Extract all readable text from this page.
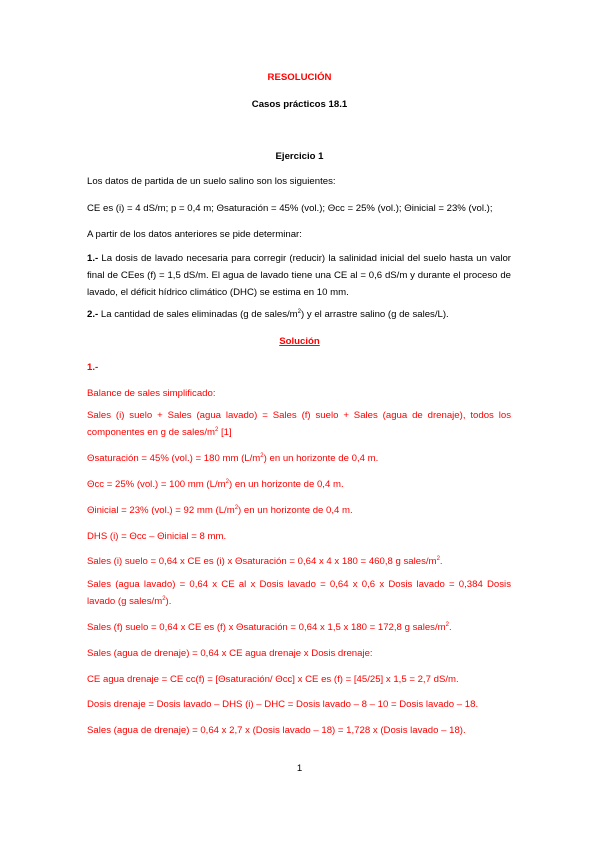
RESOLUCIÓN
Casos prácticos 18.1
Ejercicio 1
Los datos de partida de un suelo salino son los siguientes:
CE es (i) = 4 dS/m; p = 0,4 m; Θsaturación = 45% (vol.); Θcc = 25% (vol.); Θinicial = 23% (vol.);
A partir de los datos anteriores se pide determinar:
1.- La dosis de lavado necesaria para corregir (reducir) la salinidad inicial del suelo hasta un valor final de CEes (f) = 1,5 dS/m. El agua de lavado tiene una CE al = 0,6 dS/m y durante el proceso de lavado, el déficit hídrico climático (DHC) se estima en 10 mm.
2.- La cantidad de sales eliminadas (g de sales/$m^2$) y el arrastre salino (g de sales/L).
Solución
1.-
Balance de sales simplificado:
Sales (i) suelo + Sales (agua lavado) = Sales (f) suelo + Sales (agua de drenaje), todos los componentes en g de sales/$m^2$ [1]
Θsaturación = 45% (vol.) = 180 mm $(L/m^2)$ en un horizonte de 0,4 m.
Θcc = 25% (vol.) = 100 mm $(L/m^2)$ en un horizonte de 0,4 m.
Θinicial = 23% (vol.) = 92 mm $(L/m^2)$ en un horizonte de 0,4 m.
DHS (i) = Θcc – Θinicial = 8 mm.
Sales (i) suelo = 0,64 x CE es (i) x Θsaturación = 0,64 x 4 x 180 = 460,8 g sales/$m^2$.
Sales (agua lavado) = 0,64 x CE al x Dosis lavado = 0,64 x 0,6 x Dosis lavado = 0,384 Dosis lavado (g sales/$m^2$).
Sales (f) suelo = 0,64 x CE es (f) x Θsaturación = 0,64 x 1,5 x 180 = 172,8 g sales/$m^2$.
Sales (agua de drenaje) = 0,64 x CE agua drenaje x Dosis drenaje:
CE agua drenaje = CE cc(f) = [Θsaturación/ Θcc] x CE es (f) = [45/25] x 1,5 = 2,7 dS/m.
Dosis drenaje = Dosis lavado – DHS (i) – DHC = Dosis lavado – 8 – 10 = Dosis lavado – 18.
Sales (agua de drenaje) = 0,64 x 2,7 x (Dosis lavado – 18) = 1,728 x (Dosis lavado – 18).
1
